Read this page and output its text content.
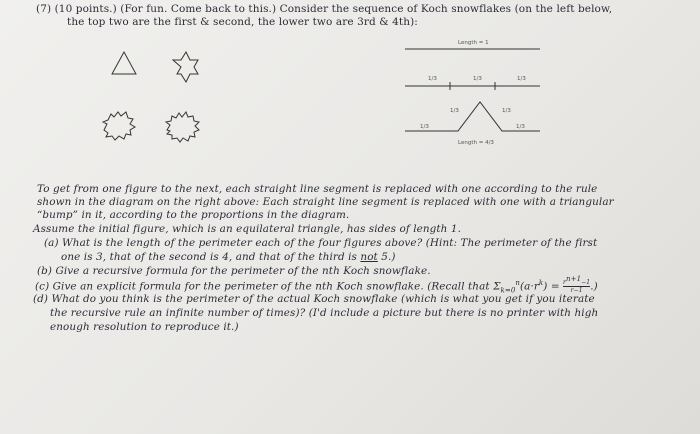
(7) (10 points.) (For fun. Come back to this.) Consider the sequence of Koch snowflakes (on the left below,
the top two are the first & second, the lower two are 3rd & 4th):
Length = 1
1/3	1/3	1/3
1/3	1/3
1/3	1/3
Length = 4/3
To get from one figure to the next, each straight line segment is replaced with one according to the rule
shown in the diagram on the right above: Each straight line segment is replaced with one with a triangular
“bump” in it, according to the proportions in the diagram.
Assume the initial figure, which is an equilateral triangle, has sides of length 1.
(a) What is the length of the perimeter each of the four figures above? (Hint: The perimeter of the first
one is 3, that of the second is 4, and that of the third is not 5.)
(b) Give a recursive formula for the perimeter of the nth Koch snowflake.
(c) Give an explicit formula for the perimeter of the nth Koch snowflake. (Recall that $\Sigma_{k=0}^n(a\cdot r^k) = \frac{r^{n+1}-1}{r-1}$ .)
(d) What do you think is the perimeter of the actual Koch snowflake (which is what you get if you iterate
the recursive rule an infinite number of times)? (I'd include a picture but there is no printer with high
enough resolution to reproduce it.)
